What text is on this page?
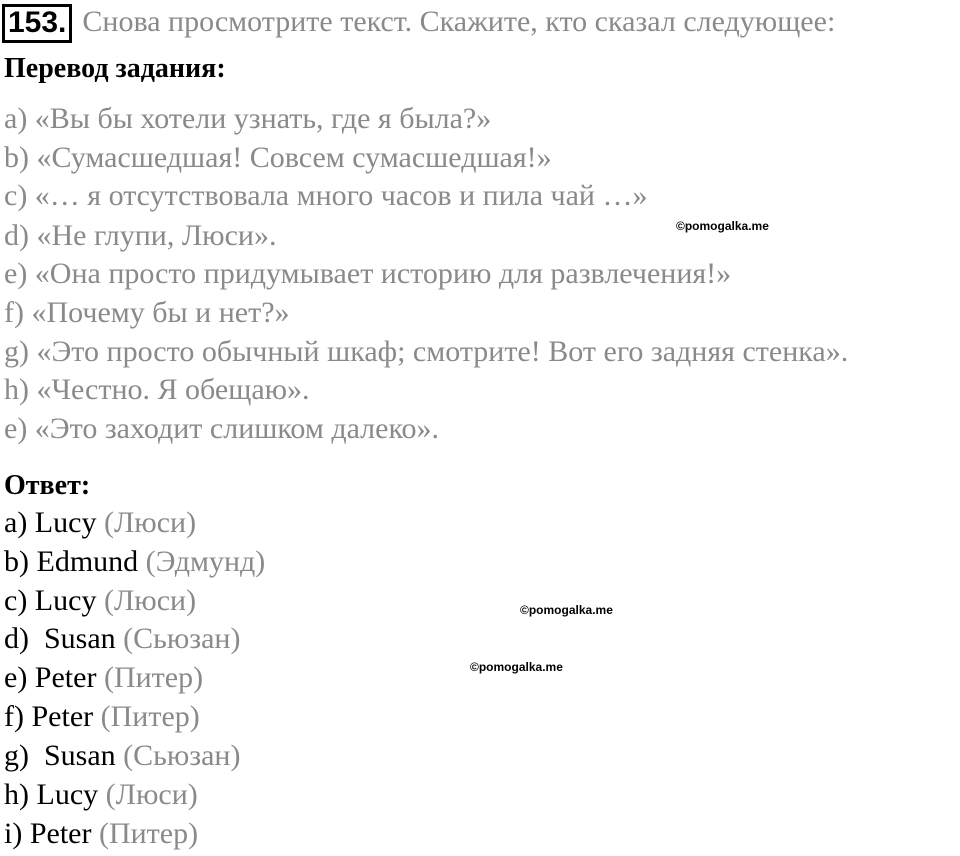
153. Снова просмотрите текст. Скажите, кто сказал следующее:
Перевод задания:
a) «Вы бы хотели узнать, где я была?»
b) «Сумасшедшая! Совсем сумасшедшая!»
c) «… я отсутствовала много часов и пила чай …»
d) «Не глупи, Люси».
e) «Она просто придумывает историю для развлечения!»
f) «Почему бы и нет?»
g) «Это просто обычный шкаф; смотрите! Вот его задняя стенка».
h) «Честно. Я обещаю».
e) «Это заходит слишком далеко».
Ответ:
a) Lucy (Люси)
b) Edmund (Эдмунд)
c) Lucy (Люси)
d)  Susan (Сьюзан)
e) Peter (Питер)
f) Peter (Питер)
g)  Susan (Сьюзан)
h) Lucy (Люси)
i) Peter (Питер)
©pomogalka.me
©pomogalka.me
©pomogalka.me
